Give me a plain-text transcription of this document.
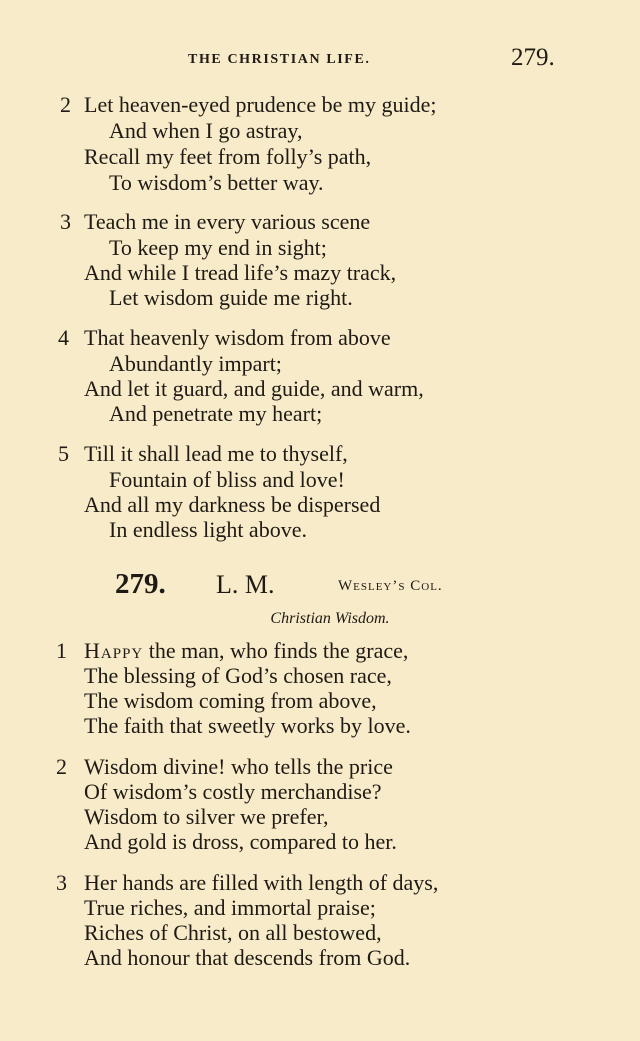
THE CHRISTIAN LIFE.	279.
2 Let heaven-eyed prudence be my guide;
And when I go astray,
Recall my feet from folly’s path,
To wisdom’s better way.
3 Teach me in every various scene
To keep my end in sight;
And while I tread life’s mazy track,
Let wisdom guide me right.
4 That heavenly wisdom from above
Abundantly impart;
And let it guard, and guide, and warm,
And penetrate my heart;
5 Till it shall lead me to thyself,
Fountain of bliss and love!
And all my darkness be dispersed
In endless light above.
279. L. M.	Wesley’s Col.
Christian Wisdom.
1 Happy the man, who finds the grace,
The blessing of God’s chosen race,
The wisdom coming from above,
The faith that sweetly works by love.
2 Wisdom divine! who tells the price
Of wisdom’s costly merchandise?
Wisdom to silver we prefer,
And gold is dross, compared to her.
3 Her hands are filled with length of days,
True riches, and immortal praise;
Riches of Christ, on all bestowed,
And honour that descends from God.
